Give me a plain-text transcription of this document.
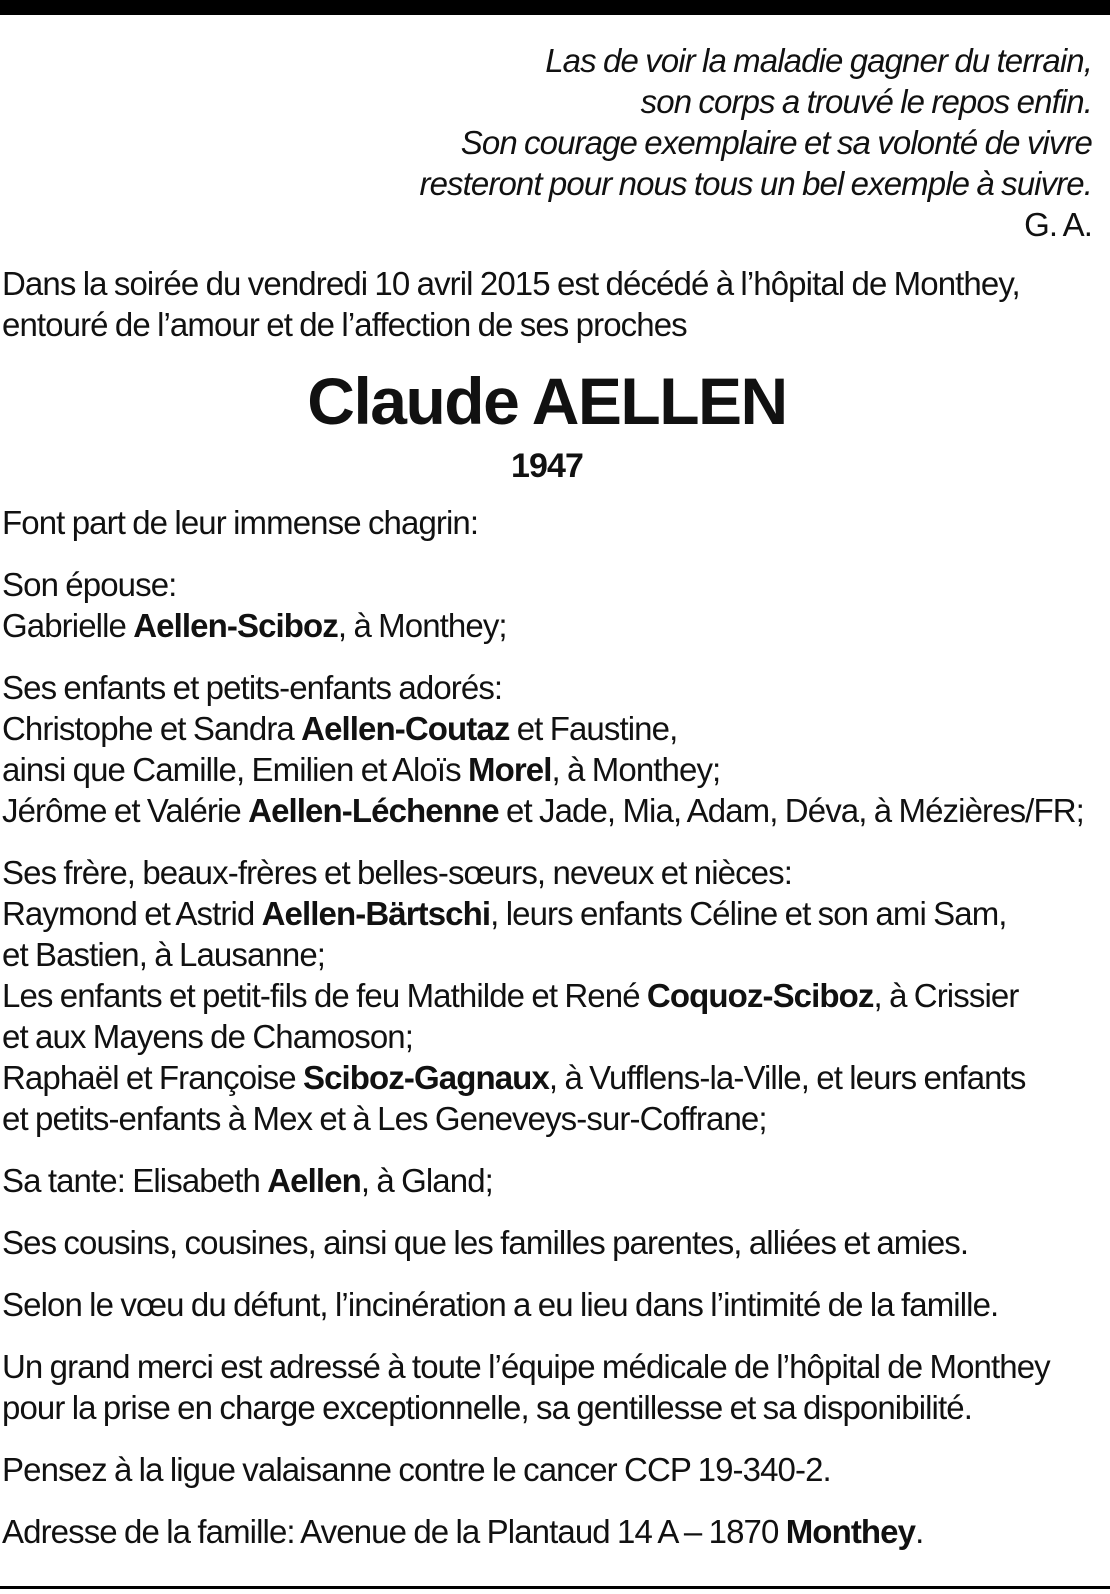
Las de voir la maladie gagner du terrain,
son corps a trouvé le repos enfin.
Son courage exemplaire et sa volonté de vivre
resteront pour nous tous un bel exemple à suivre.
G. A.

Dans la soirée du vendredi 10 avril 2015 est décédé à l’hôpital de Monthey,
entouré de l’amour et de l’affection de ses proches

Claude AELLEN
1947

Font part de leur immense chagrin:

Son épouse:
Gabrielle Aellen-Sciboz, à Monthey;

Ses enfants et petits-enfants adorés:
Christophe et Sandra Aellen-Coutaz et Faustine,
ainsi que Camille, Emilien et Aloïs Morel, à Monthey;
Jérôme et Valérie Aellen-Léchenne et Jade, Mia, Adam, Déva, à Mézières/FR;

Ses frère, beaux-frères et belles-sœurs, neveux et nièces:
Raymond et Astrid Aellen-Bärtschi, leurs enfants Céline et son ami Sam,
et Bastien, à Lausanne;
Les enfants et petit-fils de feu Mathilde et René Coquoz-Sciboz, à Crissier
et aux Mayens de Chamoson;
Raphaël et Françoise Sciboz-Gagnaux, à Vufflens-la-Ville, et leurs enfants
et petits-enfants à Mex et à Les Geneveys-sur-Coffrane;

Sa tante: Elisabeth Aellen, à Gland;

Ses cousins, cousines, ainsi que les familles parentes, alliées et amies.

Selon le vœu du défunt, l’incinération a eu lieu dans l’intimité de la famille.

Un grand merci est adressé à toute l’équipe médicale de l’hôpital de Monthey
pour la prise en charge exceptionnelle, sa gentillesse et sa disponibilité.

Pensez à la ligue valaisanne contre le cancer CCP 19-340-2.

Adresse de la famille: Avenue de la Plantaud 14 A – 1870 Monthey.
